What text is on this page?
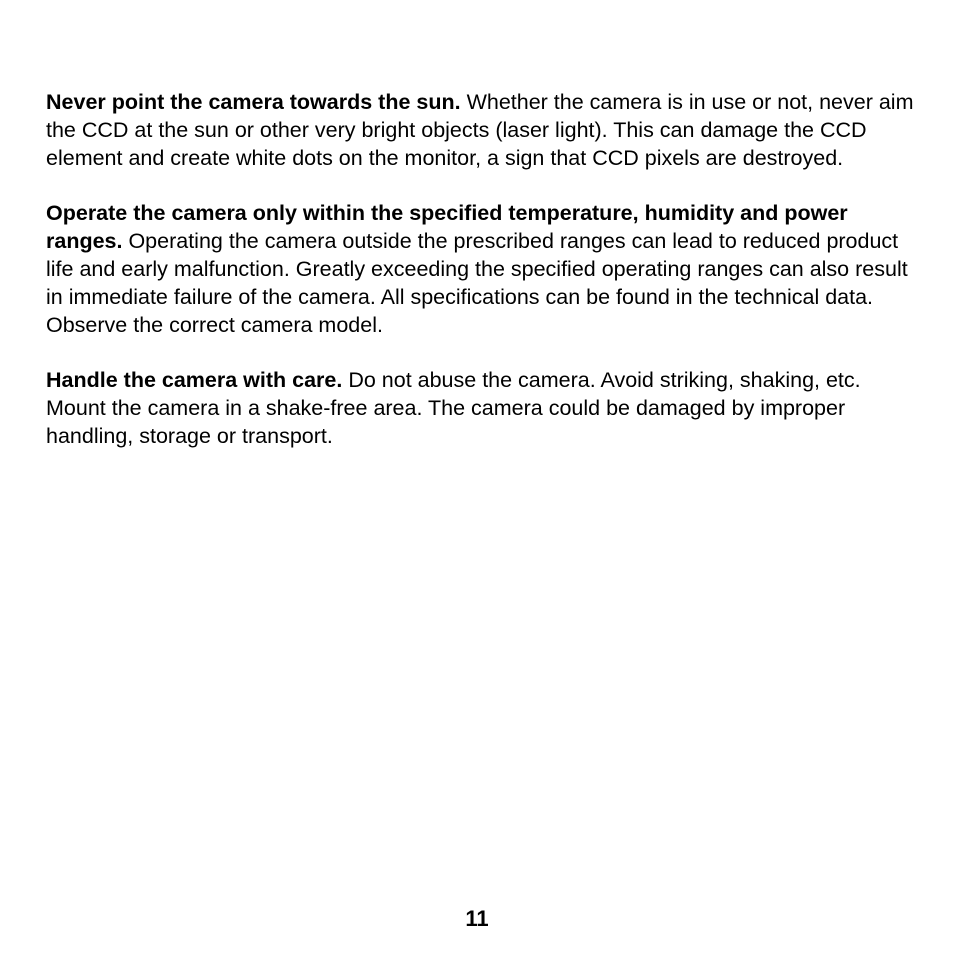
Never point the camera towards the sun. Whether the camera is in use or not, never aim the CCD at the sun or other very bright objects (laser light). This can damage the CCD element and create white dots on the monitor, a sign that CCD pixels are destroyed.

Operate the camera only within the specified temperature, humidity and power ranges. Operating the camera outside the prescribed ranges can lead to reduced product life and early malfunction. Greatly exceeding the specified operating ranges can also result in immediate failure of the camera. All specifications can be found in the technical data. Observe the correct camera model.

Handle the camera with care. Do not abuse the camera. Avoid striking, shaking, etc. Mount the camera in a shake-free area. The camera could be damaged by improper handling, storage or transport.

11
